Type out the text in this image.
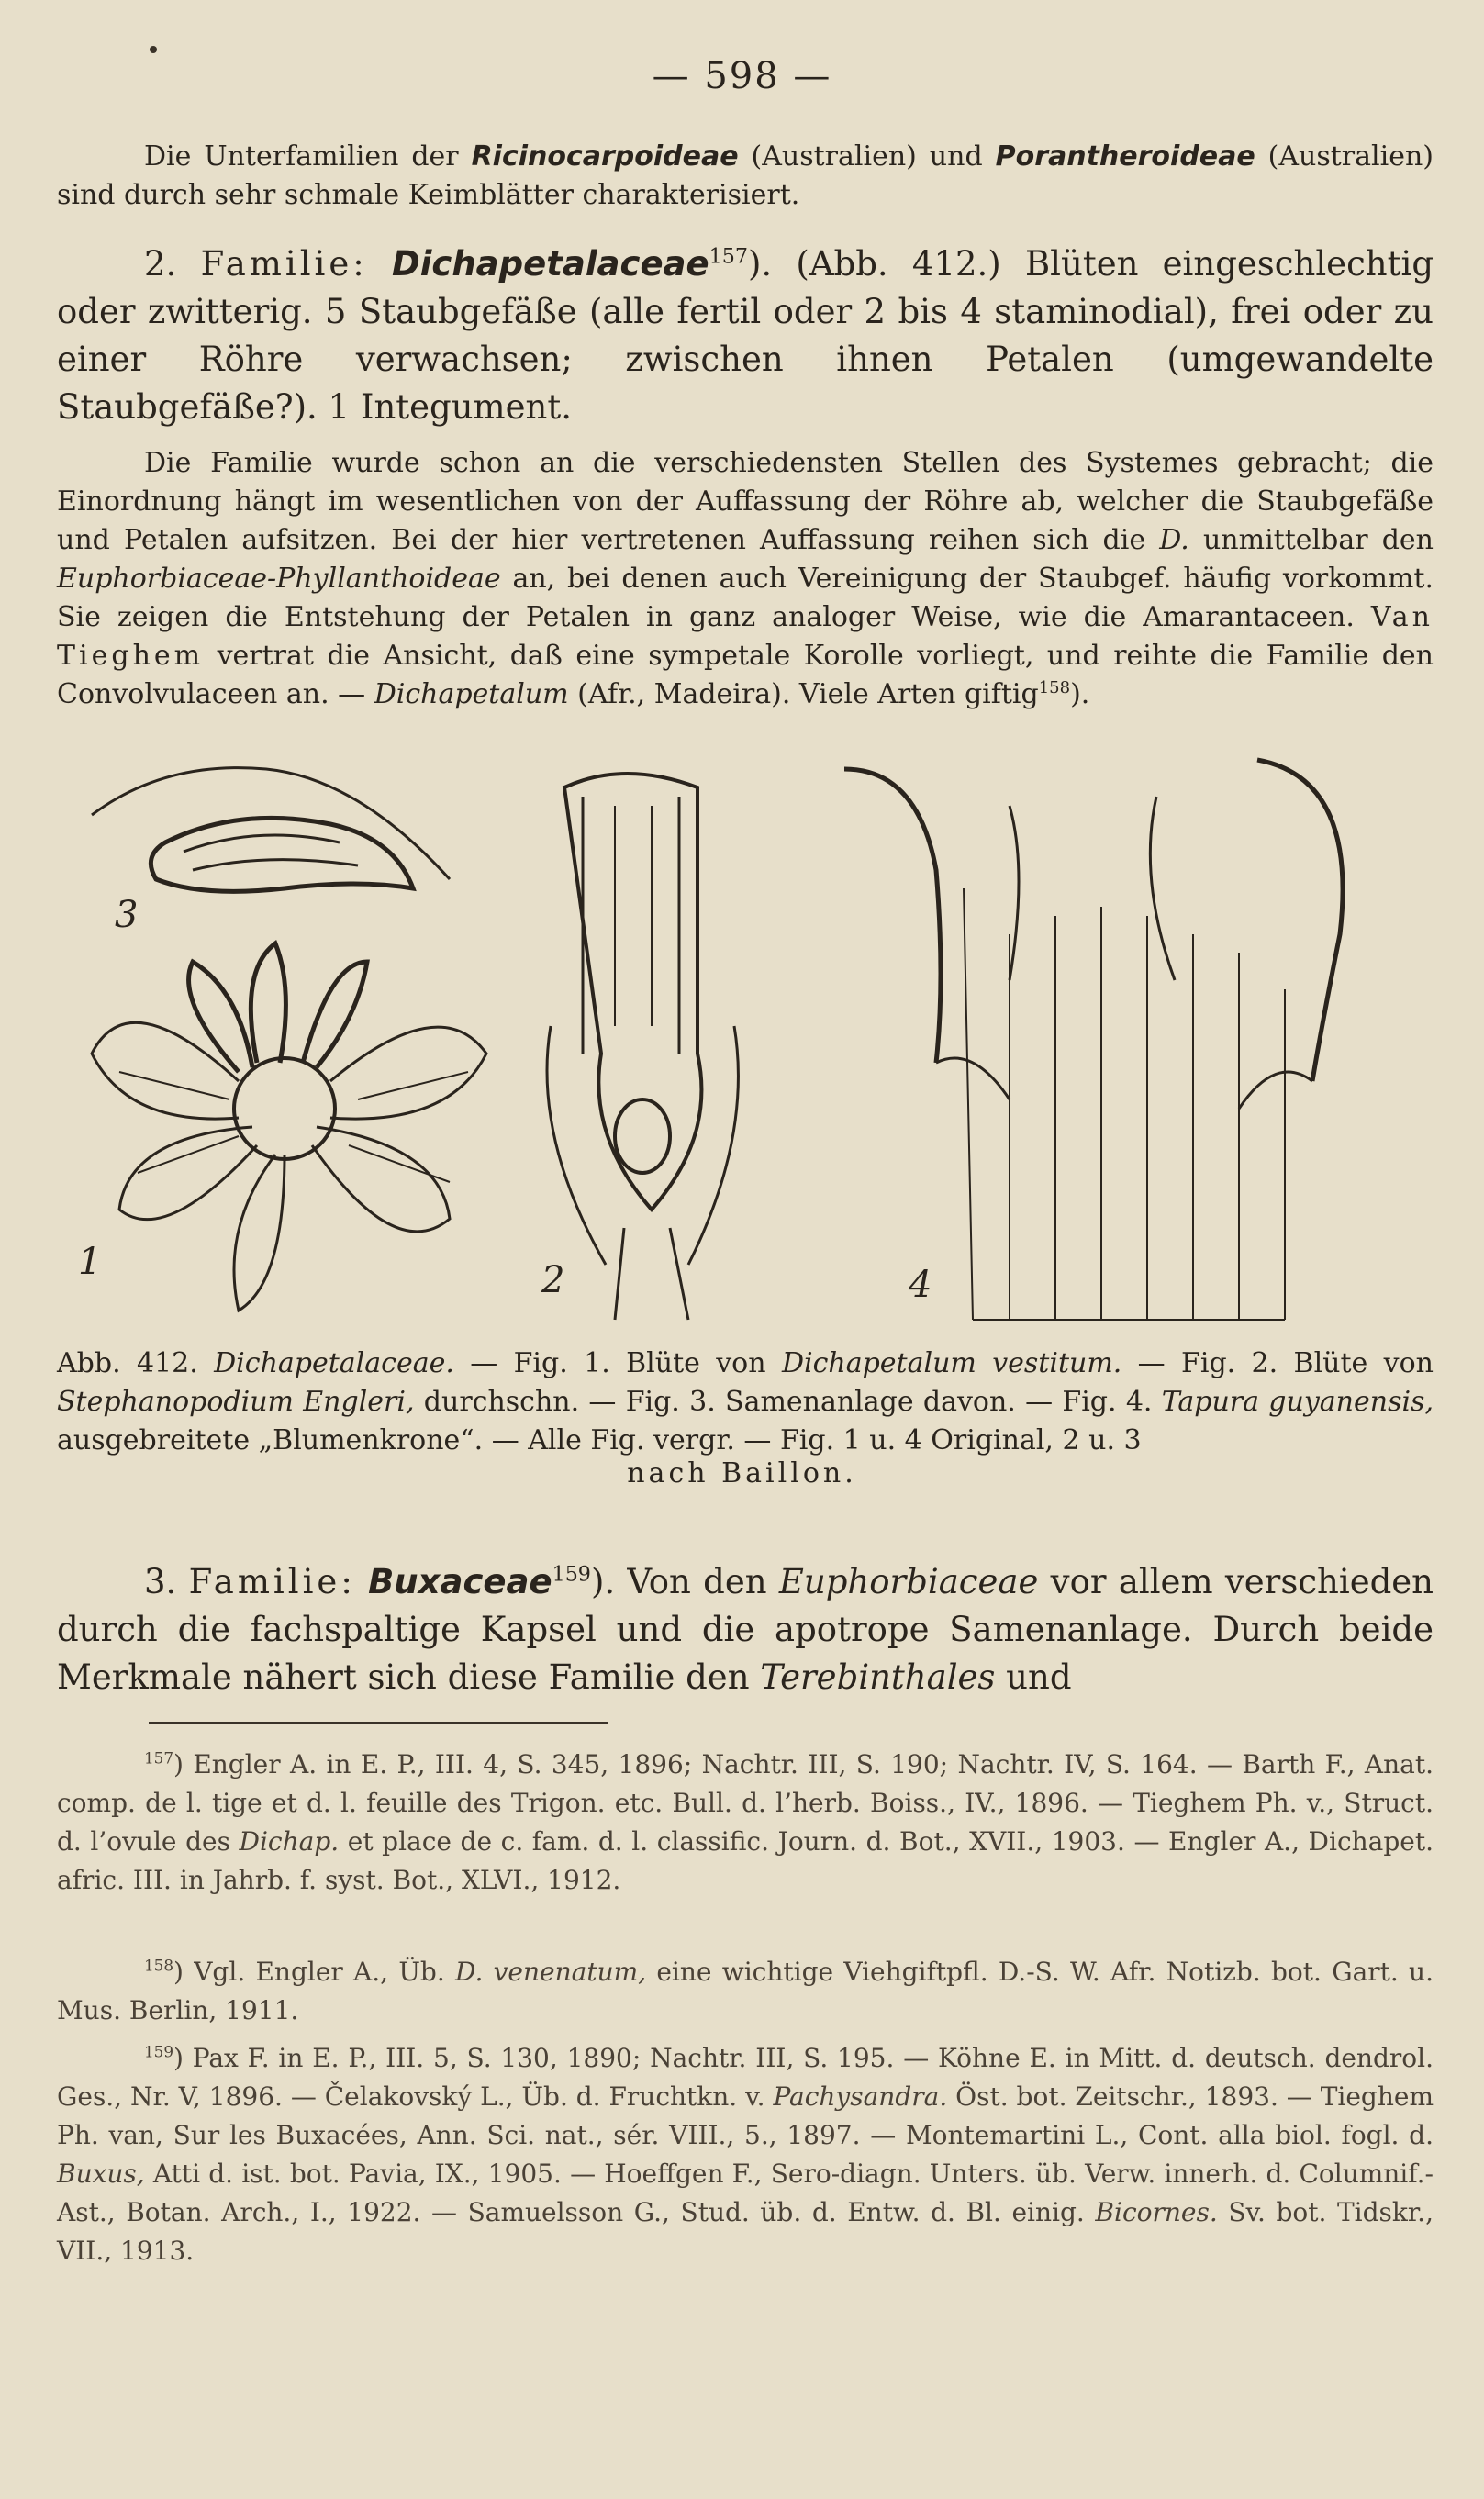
— 598 —
Die Unterfamilien der Ricinocarpoideae (Australien) und Porantheroideae (Australien) sind durch sehr schmale Keimblätter charakterisiert.
2. Familie: Dichapetalaceae$^{157}$). (Abb. 412.) Blüten eingeschlechtig oder zwitterig. 5 Staubgefäße (alle fertil oder 2 bis 4 staminodial), frei oder zu einer Röhre verwachsen; zwischen ihnen Petalen (umgewandelte Staubgefäße?). 1 Integument.
Die Familie wurde schon an die verschiedensten Stellen des Systemes gebracht; die Einordnung hängt im wesentlichen von der Auffassung der Röhre ab, welcher die Staubgefäße und Petalen aufsitzen. Bei der hier vertretenen Auffassung reihen sich die D. unmittelbar den Euphorbiaceae-Phyllanthoideae an, bei denen auch Vereinigung der Staubgef. häufig vorkommt. Sie zeigen die Entstehung der Petalen in ganz analoger Weise, wie die Amarantaceen. Van Tieghem vertrat die Ansicht, daß eine sympetale Korolle vorliegt, und reihte die Familie den Convolvulaceen an. — Dichapetalum (Afr., Madeira). Viele Arten giftig$^{158}$).
3
1	2	4
Abb. 412. Dichapetalaceae. — Fig. 1. Blüte von Dichapetalum vestitum. — Fig. 2. Blüte von Stephanopodium Engleri, durchschn. — Fig. 3. Samenanlage davon. — Fig. 4. Tapura guyanensis, ausgebreitete „Blumenkrone“. — Alle Fig. vergr. — Fig. 1 u. 4 Original, 2 u. 3
nach Baillon.
3. Familie: Buxaceae$^{159}$). Von den Euphorbiaceae vor allem verschieden durch die fachspaltige Kapsel und die apotrope Samenanlage. Durch beide Merkmale nähert sich diese Familie den Terebinthales und
$^{157}$) Engler A. in E. P., III. 4, S. 345, 1896; Nachtr. III, S. 190; Nachtr. IV, S. 164. — Barth F., Anat. comp. de l. tige et d. l. feuille des Trigon. etc. Bull. d. l’herb. Boiss., IV., 1896. — Tieghem Ph. v., Struct. d. l’ovule des Dichap. et place de c. fam. d. l. classific. Journ. d. Bot., XVII., 1903. — Engler A., Dichapet. afric. III. in Jahrb. f. syst. Bot., XLVI., 1912.
$^{158}$) Vgl. Engler A., Üb. D. venenatum, eine wichtige Viehgiftpfl. D.-S. W. Afr. Notizb. bot. Gart. u. Mus. Berlin, 1911.
$^{159}$) Pax F. in E. P., III. 5, S. 130, 1890; Nachtr. III, S. 195. — Köhne E. in Mitt. d. deutsch. dendrol. Ges., Nr. V, 1896. — Čelakovský L., Üb. d. Fruchtkn. v. Pachysandra. Öst. bot. Zeitschr., 1893. — Tieghem Ph. van, Sur les Buxacées, Ann. Sci. nat., sér. VIII., 5., 1897. — Montemartini L., Cont. alla biol. fogl. d. Buxus, Atti d. ist. bot. Pavia, IX., 1905. — Hoeffgen F., Sero-diagn. Unters. üb. Verw. innerh. d. Columnif.-Ast., Botan. Arch., I., 1922. — Samuelsson G., Stud. üb. d. Entw. d. Bl. einig. Bicornes. Sv. bot. Tidskr., VII., 1913.
